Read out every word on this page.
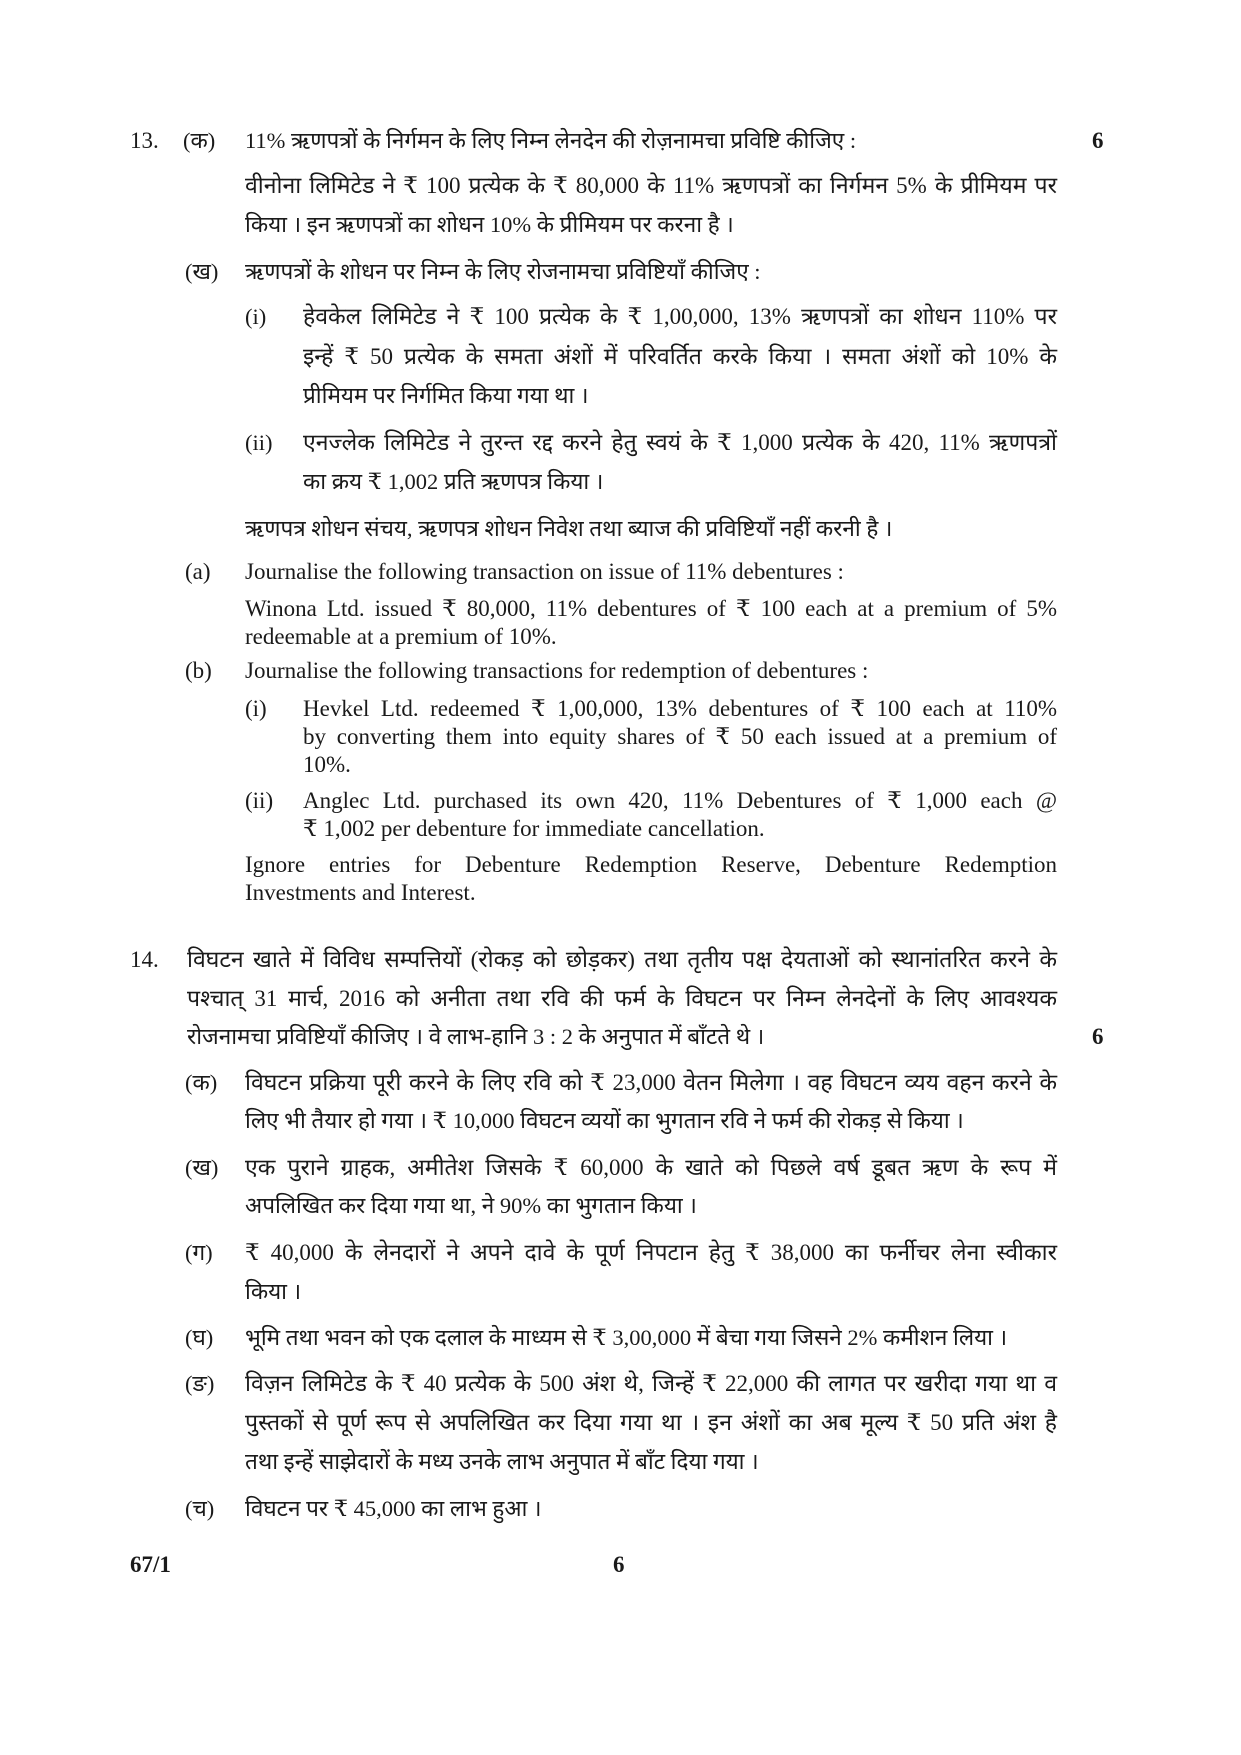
13. (क) 11% ऋणपत्रों के निर्गमन के लिए निम्न लेनदेन की रोज़नामचा प्रविष्टि कीजिए :	6
वीनोना लिमिटेड ने ₹ 100 प्रत्येक के ₹ 80,000 के 11% ऋणपत्रों का निर्गमन 5% के प्रीमियम पर
किया । इन ऋणपत्रों का शोधन 10% के प्रीमियम पर करना है ।
(ख) ऋणपत्रों के शोधन पर निम्न के लिए रोजनामचा प्रविष्टियाँ कीजिए :
(i) हेवकेल लिमिटेड ने ₹ 100 प्रत्येक के ₹ 1,00,000, 13% ऋणपत्रों का शोधन 110% पर
इन्हें ₹ 50 प्रत्येक के समता अंशों में परिवर्तित करके किया । समता अंशों को 10% के
प्रीमियम पर निर्गमित किया गया था ।
(ii) एनज्लेक लिमिटेड ने तुरन्त रद्द करने हेतु स्वयं के ₹ 1,000 प्रत्येक के 420, 11% ऋणपत्रों
का क्रय ₹ 1,002 प्रति ऋणपत्र किया ।
ऋणपत्र शोधन संचय, ऋणपत्र शोधन निवेश तथा ब्याज की प्रविष्टियाँ नहीं करनी है ।
(a) Journalise the following transaction on issue of 11% debentures :
Winona Ltd. issued ₹ 80,000, 11% debentures of ₹ 100 each at a premium of 5%
redeemable at a premium of 10%.
(b) Journalise the following transactions for redemption of debentures :
(i) Hevkel Ltd. redeemed ₹ 1,00,000, 13% debentures of ₹ 100 each at 110%
by converting them into equity shares of ₹ 50 each issued at a premium of
10%.
(ii) Anglec Ltd. purchased its own 420, 11% Debentures of ₹ 1,000 each @
₹ 1,002 per debenture for immediate cancellation.
Ignore entries for Debenture Redemption Reserve, Debenture Redemption
Investments and Interest.
14. विघटन खाते में विविध सम्पत्तियों (रोकड़ को छोड़कर) तथा तृतीय पक्ष देयताओं को स्थानांतरित करने के
पश्चात् 31 मार्च, 2016 को अनीता तथा रवि की फर्म के विघटन पर निम्न लेनदेनों के लिए आवश्यक
रोजनामचा प्रविष्टियाँ कीजिए । वे लाभ-हानि 3 : 2 के अनुपात में बाँटते थे ।	6
(क) विघटन प्रक्रिया पूरी करने के लिए रवि को ₹ 23,000 वेतन मिलेगा । वह विघटन व्यय वहन करने के
लिए भी तैयार हो गया । ₹ 10,000 विघटन व्ययों का भुगतान रवि ने फर्म की रोकड़ से किया ।
(ख) एक पुराने ग्राहक, अमीतेश जिसके ₹ 60,000 के खाते को पिछले वर्ष डूबत ऋण के रूप में
अपलिखित कर दिया गया था, ने 90% का भुगतान किया ।
(ग) ₹ 40,000 के लेनदारों ने अपने दावे के पूर्ण निपटान हेतु ₹ 38,000 का फर्नीचर लेना स्वीकार
किया ।
(घ) भूमि तथा भवन को एक दलाल के माध्यम से ₹ 3,00,000 में बेचा गया जिसने 2% कमीशन लिया ।
(ङ) विज़न लिमिटेड के ₹ 40 प्रत्येक के 500 अंश थे, जिन्हें ₹ 22,000 की लागत पर खरीदा गया था व
पुस्तकों से पूर्ण रूप से अपलिखित कर दिया गया था । इन अंशों का अब मूल्य ₹ 50 प्रति अंश है
तथा इन्हें साझेदारों के मध्य उनके लाभ अनुपात में बाँट दिया गया ।
(च) विघटन पर ₹ 45,000 का लाभ हुआ ।
67/1	6
